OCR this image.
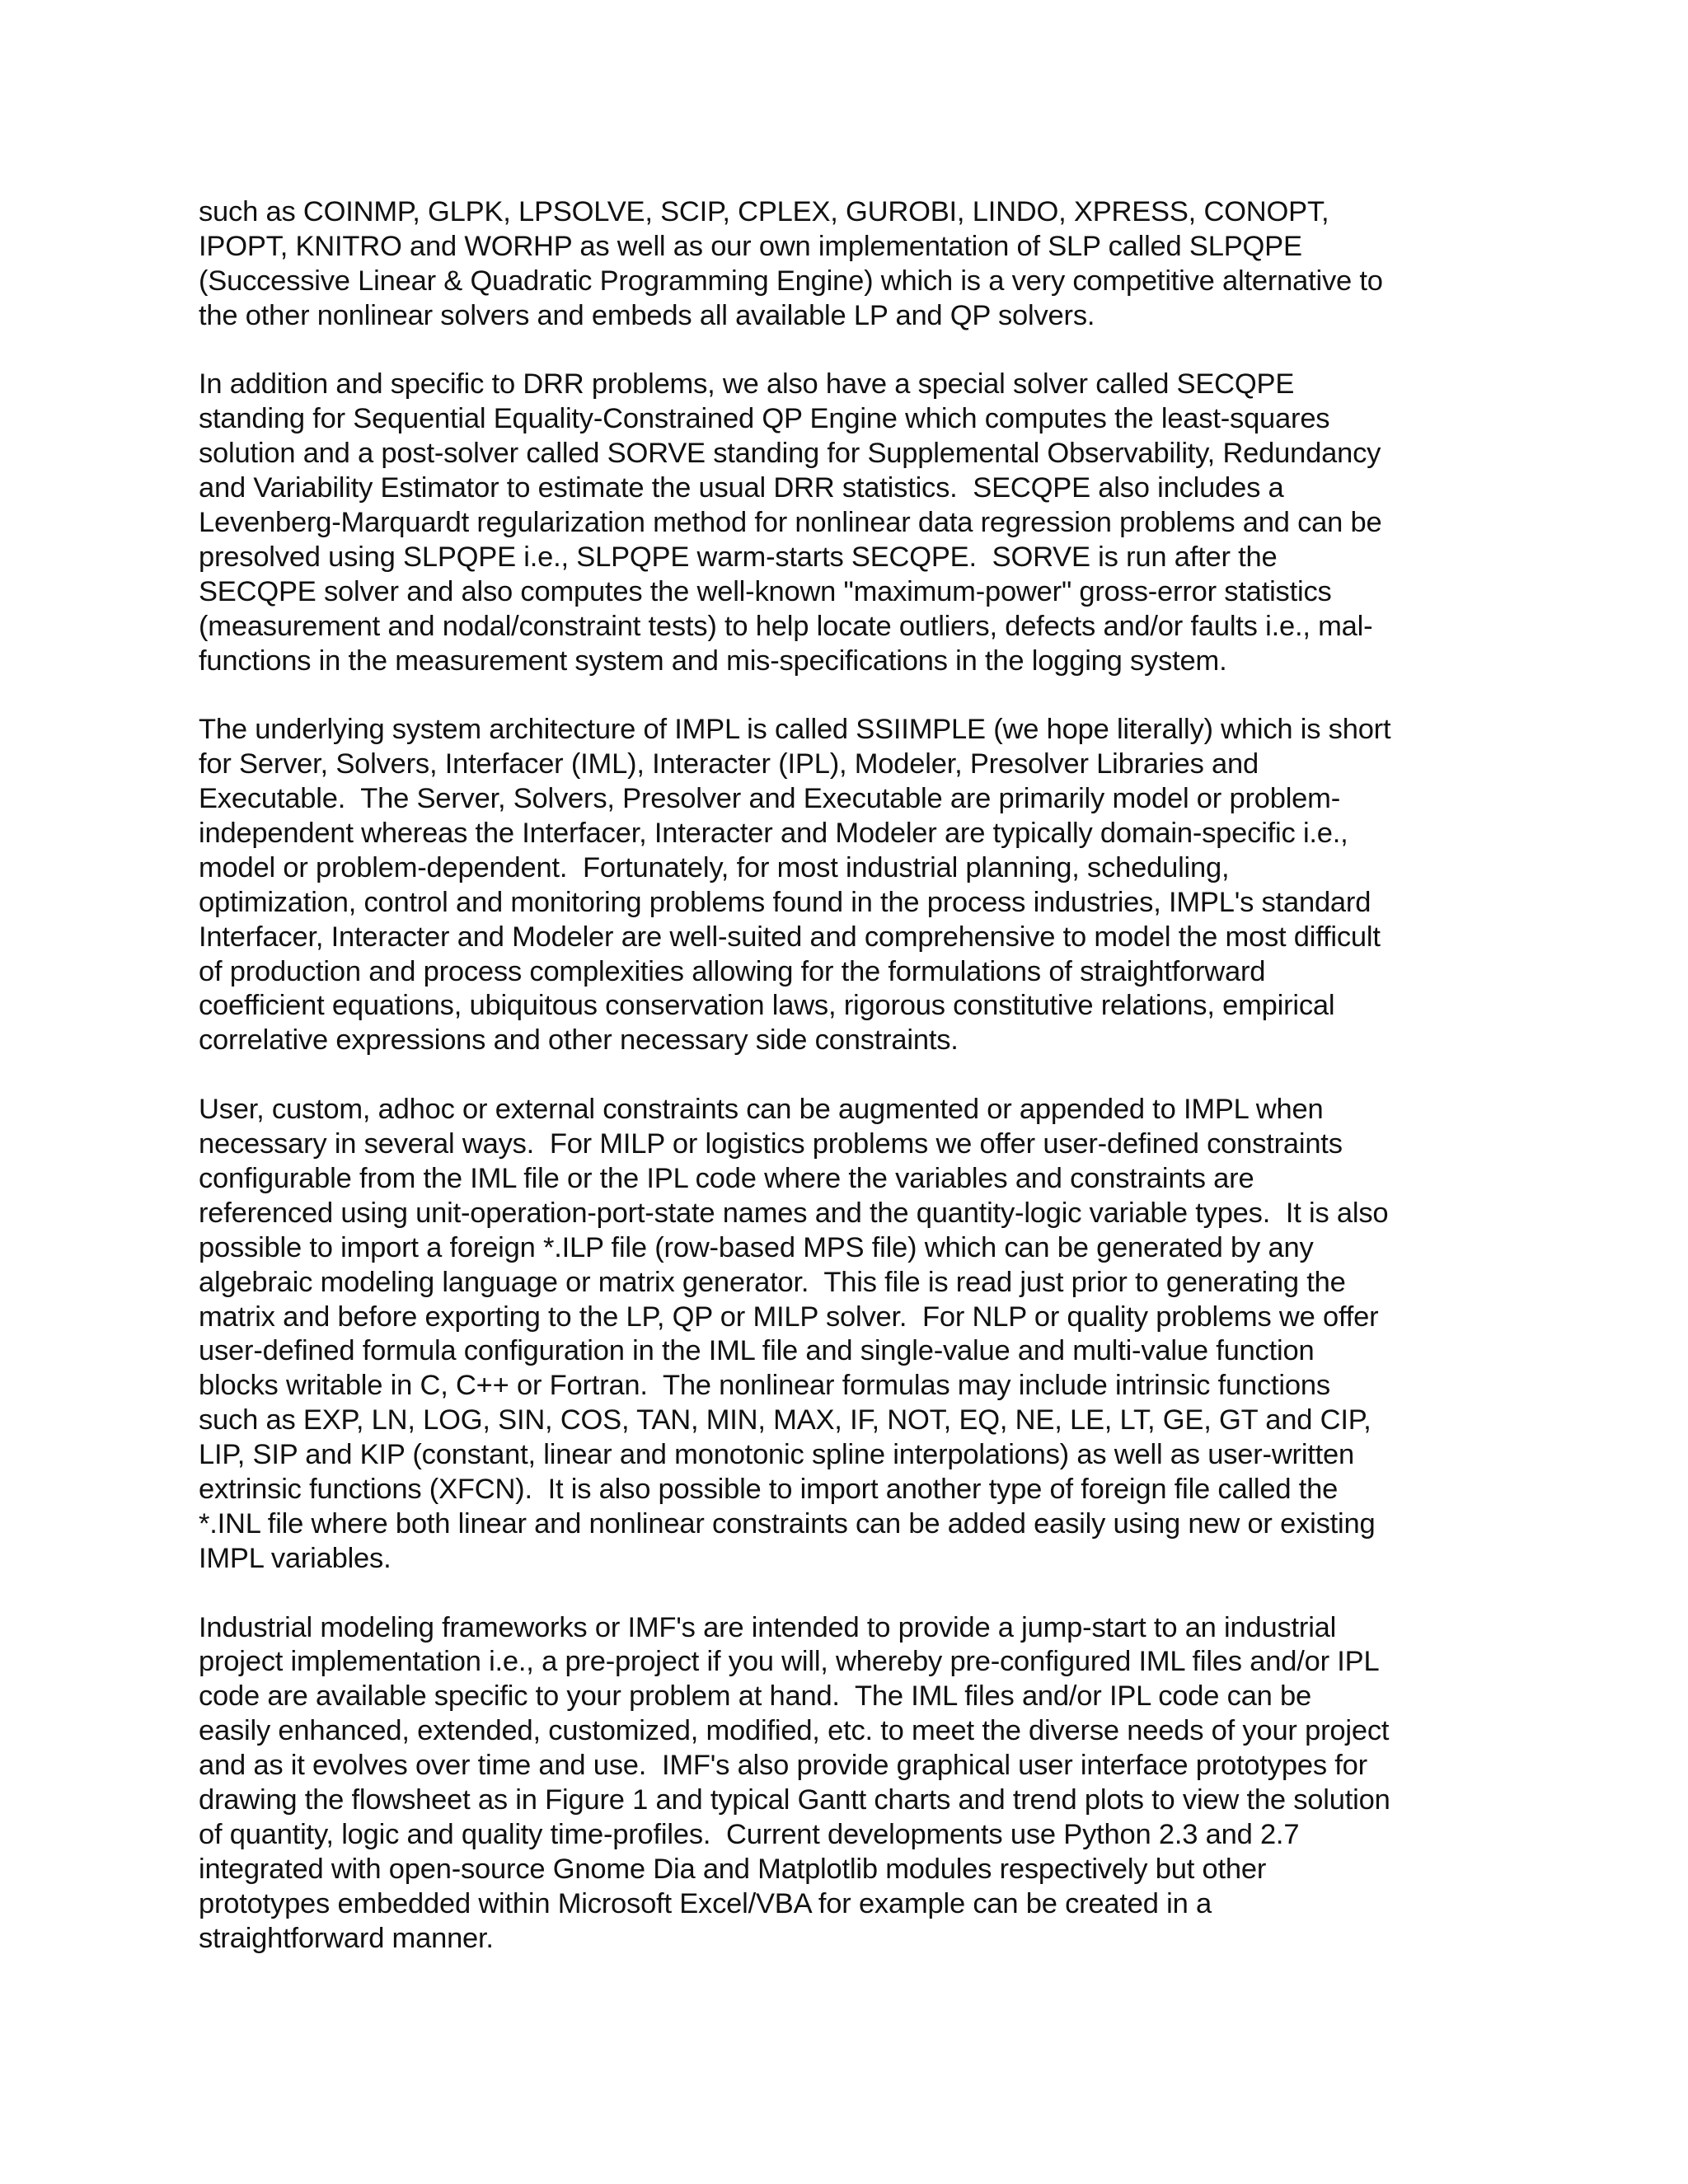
such as COINMP, GLPK, LPSOLVE, SCIP, CPLEX, GUROBI, LINDO, XPRESS, CONOPT,
IPOPT, KNITRO and WORHP as well as our own implementation of SLP called SLPQPE
(Successive Linear & Quadratic Programming Engine) which is a very competitive alternative to
the other nonlinear solvers and embeds all available LP and QP solvers.
In addition and specific to DRR problems, we also have a special solver called SECQPE
standing for Sequential Equality-Constrained QP Engine which computes the least-squares
solution and a post-solver called SORVE standing for Supplemental Observability, Redundancy
and Variability Estimator to estimate the usual DRR statistics.  SECQPE also includes a
Levenberg-Marquardt regularization method for nonlinear data regression problems and can be
presolved using SLPQPE i.e., SLPQPE warm-starts SECQPE.  SORVE is run after the
SECQPE solver and also computes the well-known "maximum-power" gross-error statistics
(measurement and nodal/constraint tests) to help locate outliers, defects and/or faults i.e., mal-
functions in the measurement system and mis-specifications in the logging system.
The underlying system architecture of IMPL is called SSIIMPLE (we hope literally) which is short
for Server, Solvers, Interfacer (IML), Interacter (IPL), Modeler, Presolver Libraries and
Executable.  The Server, Solvers, Presolver and Executable are primarily model or problem-
independent whereas the Interfacer, Interacter and Modeler are typically domain-specific i.e.,
model or problem-dependent.  Fortunately, for most industrial planning, scheduling,
optimization, control and monitoring problems found in the process industries, IMPL's standard
Interfacer, Interacter and Modeler are well-suited and comprehensive to model the most difficult
of production and process complexities allowing for the formulations of straightforward
coefficient equations, ubiquitous conservation laws, rigorous constitutive relations, empirical
correlative expressions and other necessary side constraints.
User, custom, adhoc or external constraints can be augmented or appended to IMPL when
necessary in several ways.  For MILP or logistics problems we offer user-defined constraints
configurable from the IML file or the IPL code where the variables and constraints are
referenced using unit-operation-port-state names and the quantity-logic variable types.  It is also
possible to import a foreign *.ILP file (row-based MPS file) which can be generated by any
algebraic modeling language or matrix generator.  This file is read just prior to generating the
matrix and before exporting to the LP, QP or MILP solver.  For NLP or quality problems we offer
user-defined formula configuration in the IML file and single-value and multi-value function
blocks writable in C, C++ or Fortran.  The nonlinear formulas may include intrinsic functions
such as EXP, LN, LOG, SIN, COS, TAN, MIN, MAX, IF, NOT, EQ, NE, LE, LT, GE, GT and CIP,
LIP, SIP and KIP (constant, linear and monotonic spline interpolations) as well as user-written
extrinsic functions (XFCN).  It is also possible to import another type of foreign file called the
*.INL file where both linear and nonlinear constraints can be added easily using new or existing
IMPL variables.
Industrial modeling frameworks or IMF's are intended to provide a jump-start to an industrial
project implementation i.e., a pre-project if you will, whereby pre-configured IML files and/or IPL
code are available specific to your problem at hand.  The IML files and/or IPL code can be
easily enhanced, extended, customized, modified, etc. to meet the diverse needs of your project
and as it evolves over time and use.  IMF's also provide graphical user interface prototypes for
drawing the flowsheet as in Figure 1 and typical Gantt charts and trend plots to view the solution
of quantity, logic and quality time-profiles.  Current developments use Python 2.3 and 2.7
integrated with open-source Gnome Dia and Matplotlib modules respectively but other
prototypes embedded within Microsoft Excel/VBA for example can be created in a
straightforward manner.
